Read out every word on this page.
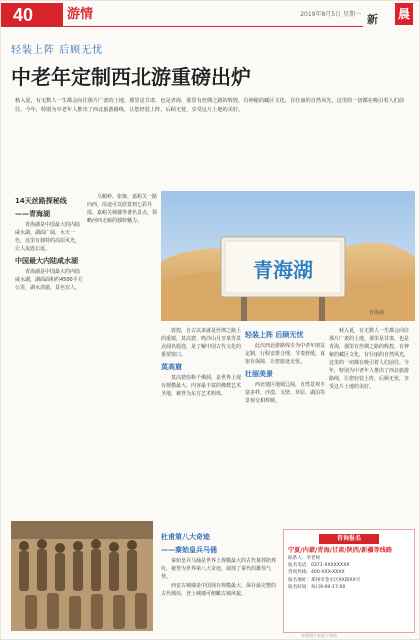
40	游情	2019年8月5日 星期一 新 晨
轻装上阵 后顾无忧
中老年定制西北游重磅出炉
秋入夏，有无数人一生都会向往那片广袤的土地，那里是甘肃，也是青海，那里有丝绸之路的辉煌，有神秘的藏区文化，有壮丽的自然风光，这里的一切都在吸引着人们前往。今年，特别为中老年人推出了西北旅游路线，让您轻装上阵，后顾无忧，享受这片土地的美好。
14天丝路探秘线
——青海湖

青海湖是中国最大的内陆咸水湖，湖面广阔，水天一色，这里有独特的高原风光，让人流连忘返。

中国最大内陆咸水湖

青海湖是中国最大的内陆咸水湖，湖面面积约4500平方公里，湖水清澈，景色宜人。

乌鞘岭、张掖、嘉峪关一路向西，沿途可以欣赏到七彩丹霞、嘉峪关城楼等著名景点，领略河西走廊的独特魅力。

青海湖
青海湖

敦煌，自古以来就是丝绸之路上的重镇，莫高窟、鸣沙山月牙泉等景点闻名遐迩，是了解中国古代文化的重要窗口。

莫高窟

莫高窟俗称千佛洞，是世界上现存规模最大、内容最丰富的佛教艺术圣地，被誉为东方艺术明珠。

轻装上阵 后顾无忧

此次西北游路线专为中老年朋友定制，行程安排合理，节奏舒缓，食宿有保障，让您旅途无忧。

壮丽美景

西北地区地域辽阔，自然景观丰富多样，沙漠、戈壁、草原、湖泊等景观交相辉映。

秋入夏，有无数人一生都会向往那片广袤的土地，那里是甘肃，也是青海，那里有丝绸之路的辉煌，有神秘的藏区文化，有壮丽的自然风光，这里的一切都在吸引着人们前往。今年，特别为中老年人推出了西北旅游路线，让您轻装上阵，后顾无忧，享受这片土地的美好。

杜甫第八大奇迹
——秦始皇兵马俑

秦始皇兵马俑是世界上规模最大的古代墓葬陪葬坑，被誉为世界第八大奇迹，展现了秦代的雄伟气势。

西安古城墙是中国现存规模最大、保存最完整的古代城垣，登上城墙可俯瞰古城风貌。

咨询报名
宁夏/内蒙/青海/甘肃/陕西/新疆等线路
联系人：李老师
报名电话：0371-XXXXXXXX
咨询热线：400-XXX-XXXX
报名地址：郑州市金水区XX路XX号
报名时间：每日9:00-17:00
本版图片来源于网络
